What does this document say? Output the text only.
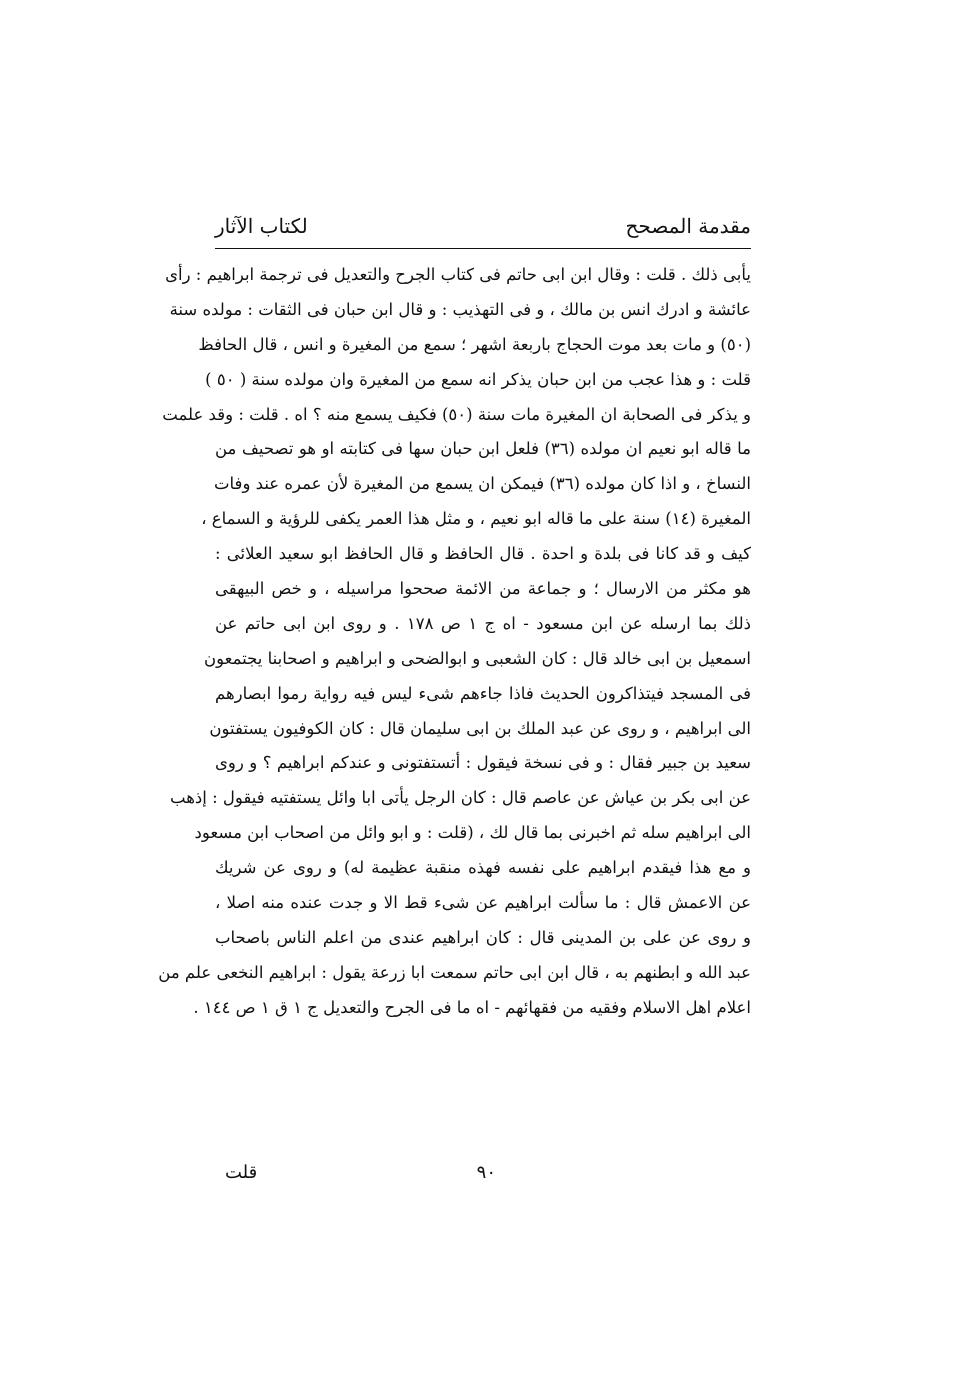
مقدمة المصحح
لكتاب الآثار
يأبى ذلك . قلت : وقال ابن ابى حاتم فى كتاب الجرح والتعديل فى ترجمة ابراهيم : رأى
عائشة و ادرك انس بن مالك ، و فى التهذيب : و قال ابن حبان فى الثقات : مولده سنة
(٥٠) و مات بعد موت الحجاج باربعة اشهر ؛ سمع من المغيرة و انس ، قال الحافظ
قلت : و هذا عجب من ابن حبان يذكر انه سمع من المغيرة وان مولده سنة ( ٥٠ )
و يذكر فى الصحابة ان المغيرة مات سنة (٥٠) فكيف يسمع منه ؟ اه . قلت : وقد علمت
ما قاله ابو نعيم ان مولده (٣٦) فلعل ابن حبان سها فى كتابته او هو تصحيف من
النساخ ، و اذا كان مولده (٣٦) فيمكن ان يسمع من المغيرة لأن عمره عند وفات
المغيرة (١٤) سنة على ما قاله ابو نعيم ، و مثل هذا العمر يكفى للرؤية و السماع ،
كيف و قد كانا فى بلدة و احدة . قال الحافظ و قال الحافظ ابو سعيد العلائى :
هو مكثر من الارسال ؛ و جماعة من الائمة صححوا مراسيله ، و خص البيهقى
ذلك بما ارسله عن ابن مسعود - اه ج ١ ص ١٧٨ . و روى ابن ابى حاتم عن
اسمعيل بن ابى خالد قال : كان الشعبى و ابوالضحى و ابراهيم و اصحابنا يجتمعون
فى المسجد فيتذاكرون الحديث فاذا جاءهم شىء ليس فيه رواية رموا ابصارهم
الى ابراهيم ، و روى عن عبد الملك بن ابى سليمان قال : كان الكوفيون يستفتون
سعيد بن جبير فقال : و فى نسخة فيقول : أتستفتونى و عندكم ابراهيم ؟ و روى
عن ابى بكر بن عياش عن عاصم قال : كان الرجل يأتى ابا وائل يستفتيه فيقول : إذهب
الى ابراهيم سله ثم اخبرنى بما قال لك ، (قلت : و ابو وائل من اصحاب ابن مسعود
و مع هذا فيقدم ابراهيم على نفسه فهذه منقبة عظيمة له) و روى عن شريك
عن الاعمش قال : ما سألت ابراهيم عن شىء قط الا و جدت عنده منه اصلا ،
و روى عن على بن المدينى قال : كان ابراهيم عندى من اعلم الناس باصحاب
عبد الله و ابطنهم به ، قال ابن ابى حاتم سمعت ابا زرعة يقول : ابراهيم النخعى علم من
اعلام اهل الاسلام وفقيه من فقهائهم - اه ما فى الجرح والتعديل ج ١ ق ١ ص ١٤٤ .
٩٠
قلت
